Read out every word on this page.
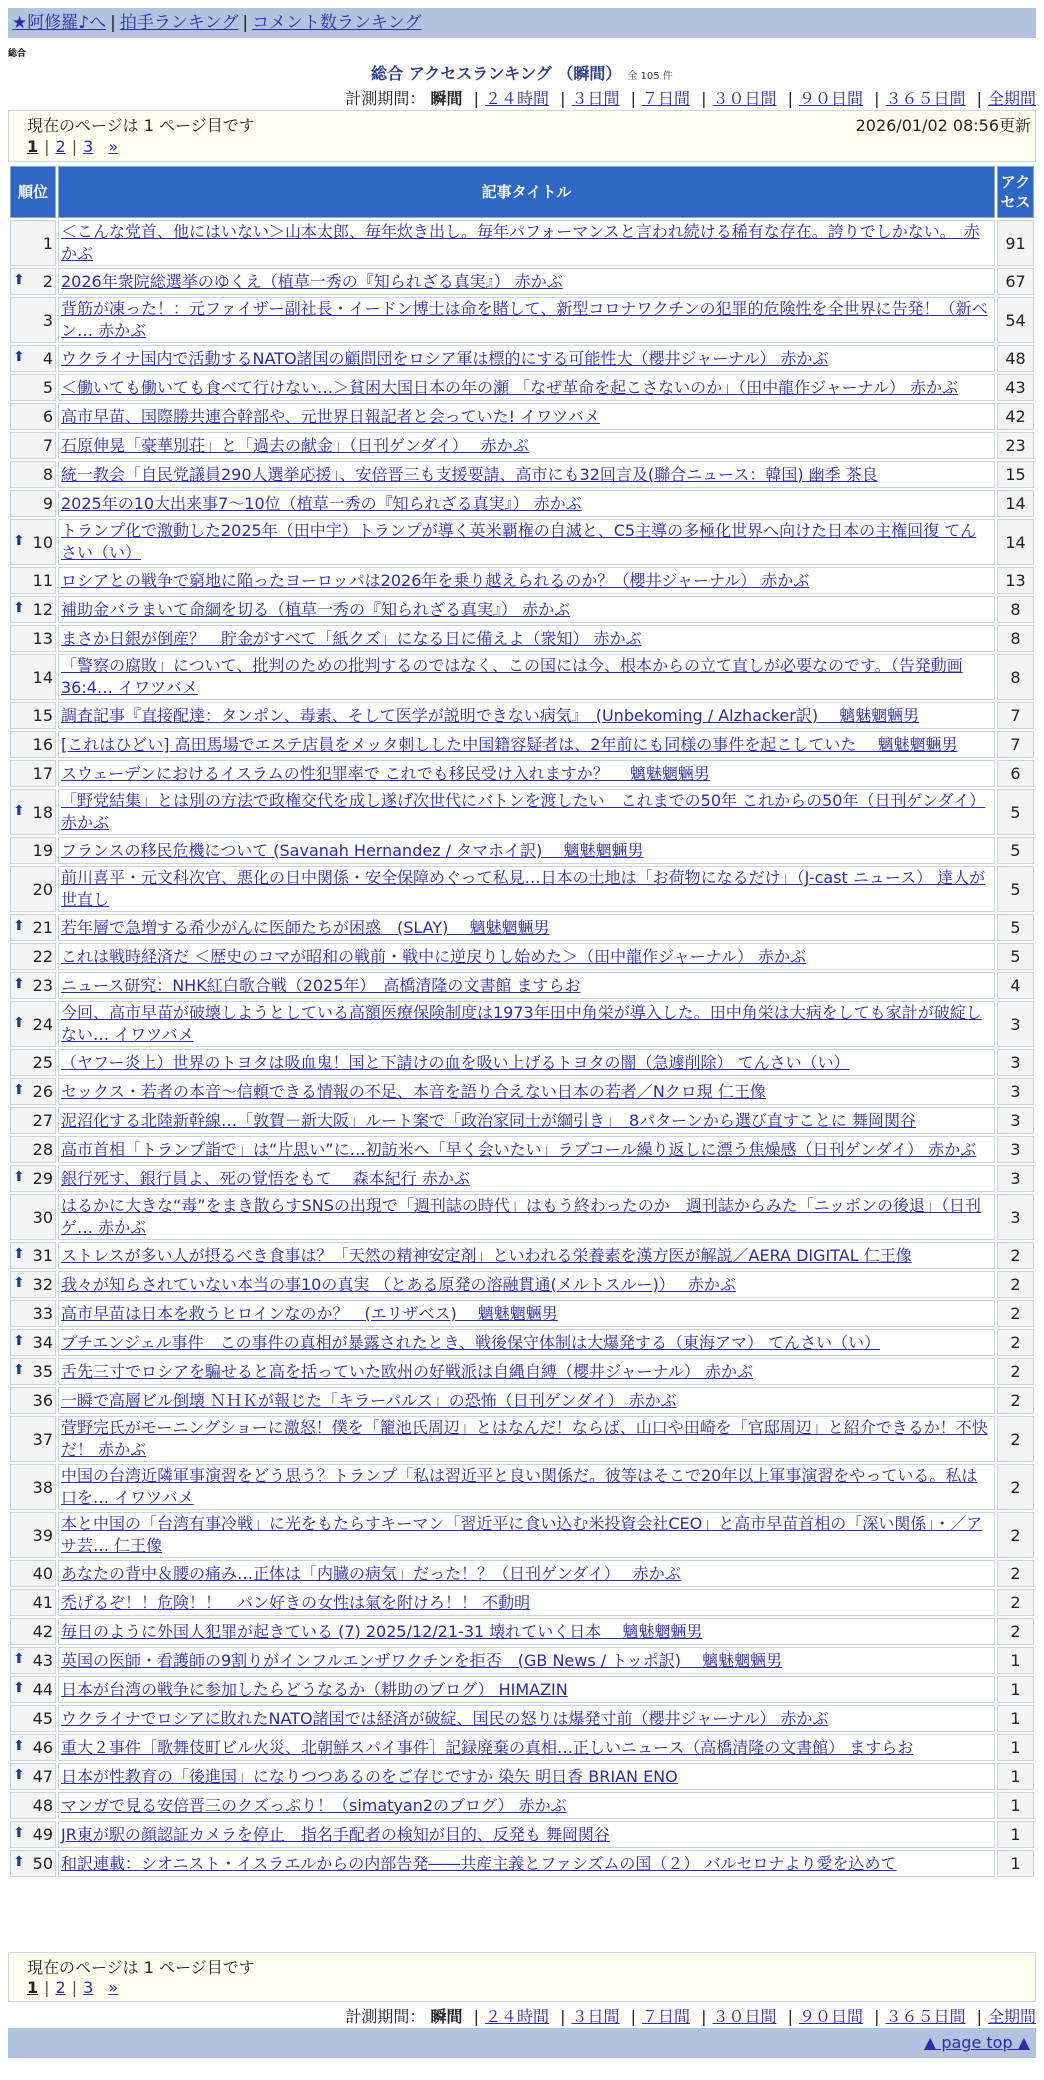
★阿修羅♪へ | 拍手ランキング | コメント数ランキング
総合
総合 アクセスランキング （瞬間） 全 105 件
計測期間： 瞬間 | ２４時間 | ３日間 | ７日間 | ３０日間 | ９０日間 | ３６５日間 | 全期間
現在のページは 1 ページ目です	2026/01/02 08:56更新
1 | 2 | 3 »
順位	記事タイトル	アクセス
1	＜こんな党首、他にはいない＞山本太郎、毎年炊き出し。毎年パフォーマンスと言われ続ける稀有な存在。誇りでしかない。　赤かぶ	91

⬆ 2	2026年衆院総選挙のゆくえ（植草一秀の『知られざる真実』） 赤かぶ	67
3	背筋が凍った！：元ファイザー副社長・イードン博士は命を賭して、新型コロナワクチンの犯罪的危険性を全世界に告発！（新ベン… 赤かぶ	54

⬆ 4	ウクライナ国内で活動するNATO諸国の顧問団をロシア軍は標的にする可能性大（櫻井ジャーナル） 赤かぶ	48
5	＜働いても働いても食べて行けない…＞貧困大国日本の年の瀬 「なぜ革命を起こさないのか」（田中龍作ジャーナル） 赤かぶ	43
6	高市早苗、国際勝共連合幹部や、元世界日報記者と会っていた! イワツバメ	42
7	石原伸晃「豪華別荘」と「過去の献金」（日刊ゲンダイ）　 赤かぶ	23
8	統一教会「自民党議員290人選挙応援」、安倍晋三も支援要請、高市にも32回言及(聯合ニュース：韓国) 幽季 茶良	15
9	2025年の10大出来事7～10位（植草一秀の『知られざる真実』） 赤かぶ	14

⬆ 10	トランプ化で激動した2025年（田中宇）トランプが導く英米覇権の自滅と、C5主導の多極化世界へ向けた日本の主権回復 てんさい（い）	14
11	ロシアとの戦争で窮地に陥ったヨーロッパは2026年を乗り越えられるのか？（櫻井ジャーナル） 赤かぶ	13

⬆ 12	補助金バラまいて命綱を切る（植草一秀の『知られざる真実』） 赤かぶ	8
13	まさか日銀が倒産？　貯金がすべて「紙クズ」になる日に備えよ（衆知） 赤かぶ	8
14	「警察の腐敗」について、批判のための批判するのではなく、この国には今、根本からの立て直しが必要なのです。（告発動画36:4… イワツバメ	8
15	調査記事『直接配達：タンポン、毒素、そして医学が説明できない病気』　(Unbekoming / Alzhacker訳)　 魑魅魍魎男	7
16	[これはひどい] 高田馬場でエステ店員をメッタ刺しした中国籍容疑者は、2年前にも同様の事件を起こしていた　 魑魅魍魎男	7
17	スウェーデンにおけるイスラムの性犯罪率で これでも移民受け入れますか？　 魑魅魍魎男	6

⬆ 18	「野党結集」とは別の方法で政権交代を成し遂げ次世代にバトンを渡したい　これまでの50年 これからの50年（日刊ゲンダイ） 赤かぶ	5
19	フランスの移民危機について (Savanah Hernandez / タマホイ訳)　 魑魅魍魎男	5
20	前川喜平・元文科次官、悪化の日中関係・安全保障めぐって私見…日本の土地は「お荷物になるだけ」（J-cast ニュース） 達人が世直し	5

⬆ 21	若年層で急増する希少がんに医師たちが困惑　(SLAY)　 魑魅魍魎男	5
22	これは戦時経済だ ＜歴史のコマが昭和の戦前・戦中に逆戻りし始めた＞（田中龍作ジャーナル） 赤かぶ	5

⬆ 23	ニュース研究：NHK紅白歌合戦（2025年）　高橋清隆の文書館 ますらお	4

⬆ 24	今回、高市早苗が破壊しようとしている高額医療保険制度は1973年田中角栄が導入した。田中角栄は大病をしても家計が破綻しない… イワツバメ	3
25	（ヤフー炎上）世界のトヨタは吸血鬼！国と下請けの血を吸い上げるトヨタの闇（急遽削除） てんさい（い）	3

⬆ 26	セックス・若者の本音〜信頼できる情報の不足、本音を語り合えない日本の若者／Nクロ現 仁王像	3
27	泥沼化する北陸新幹線…「敦賀－新大阪」ルート案で「政治家同士が綱引き」　8パターンから選び直すことに 舞岡関谷	3
28	高市首相「トランプ詣で」は“片思い”に…初訪米へ「早く会いたい」ラブコール繰り返しに漂う焦燥感（日刊ゲンダイ） 赤かぶ	3

⬆ 29	銀行死す、銀行員よ、死の覚悟をもて　 森本紀行 赤かぶ	3
30	はるかに大きな“毒”をまき散らすSNSの出現で「週刊誌の時代」はもう終わったのか　週刊誌からみた「ニッポンの後退」（日刊ゲ… 赤かぶ	3

⬆ 31	ストレスが多い人が摂るべき食事は？「天然の精神安定剤」といわれる栄養素を漢方医が解説／AERA DIGITAL 仁王像	2

⬆ 32	我々が知らされていない本当の事10の真実 （とある原発の溶融貫通(メルトスルー)）　 赤かぶ	2
33	高市早苗は日本を救うヒロインなのか？　(エリザベス)　 魑魅魍魎男	2

⬆ 34	プチエンジェル事件　この事件の真相が暴露されたとき、戦後保守体制は大爆発する（東海アマ） てんさい（い）	2

⬆ 35	舌先三寸でロシアを騙せると高を括っていた欧州の好戦派は自縄自縛（櫻井ジャーナル） 赤かぶ	2
36	一瞬で高層ビル倒壊 ＮＨＫが報じた「キラーパルス」の恐怖（日刊ゲンダイ） 赤かぶ	2
37	菅野完氏がモーニングショーに激怒！僕を「籠池氏周辺」とはなんだ！ならば、山口や田崎を「官邸周辺」と紹介できるか！不快だ！ 赤かぶ	2
38	中国の台湾近隣軍事演習をどう思う？トランプ「私は習近平と良い関係だ。彼等はそこで20年以上軍事演習をやっている。私は口を… イワツバメ	2
39	本と中国の「台湾有事冷戦」に光をもたらすキーマン「習近平に食い込む米投資会社CEO」と高市早苗首相の「深い関係」・／アサ芸… 仁王像	2
40	あなたの背中＆腰の痛み…正体は「内臓の病気」だった！？（日刊ゲンダイ）　 赤かぶ	2
41	禿げるぞ！！危険！！　パン好きの女性は氣を附けろ！！ 不動明	2
42	毎日のように外国人犯罪が起きている (7) 2025/12/21-31 壊れていく日本　 魑魅魍魎男	2

⬆ 43	英国の医師・看護師の9割りがインフルエンザワクチンを拒否　(GB News / トッポ訳)　 魑魅魍魎男	1

⬆ 44	日本が台湾の戦争に参加したらどうなるか（耕助のブログ） HIMAZIN	1
45	ウクライナでロシアに敗れたNATO諸国では経済が破綻、国民の怒りは爆発寸前（櫻井ジャーナル） 赤かぶ	1

⬆ 46	重大２事件［歌舞伎町ビル火災、北朝鮮スパイ事件］記録廃棄の真相…正しいニュース（高橋清隆の文書館） ますらお	1

⬆ 47	日本が性教育の「後進国」になりつつあるのをご存じですか 染矢 明日香 BRIAN ENO	1
48	マンガで見る安倍晋三のクズっぷり！（simatyan2のブログ） 赤かぶ	1

⬆ 49	JR東が駅の顔認証カメラを停止　指名手配者の検知が目的、反発も 舞岡関谷	1

⬆ 50	和訳連載：シオニスト・イスラエルからの内部告発――共産主義とファシズムの国（２） バルセロナより愛を込めて	1
現在のページは 1 ページ目です
1 | 2 | 3 »
計測期間： 瞬間 | ２４時間 | ３日間 | ７日間 | ３０日間 | ９０日間 | ３６５日間 | 全期間
▲ page top ▲
